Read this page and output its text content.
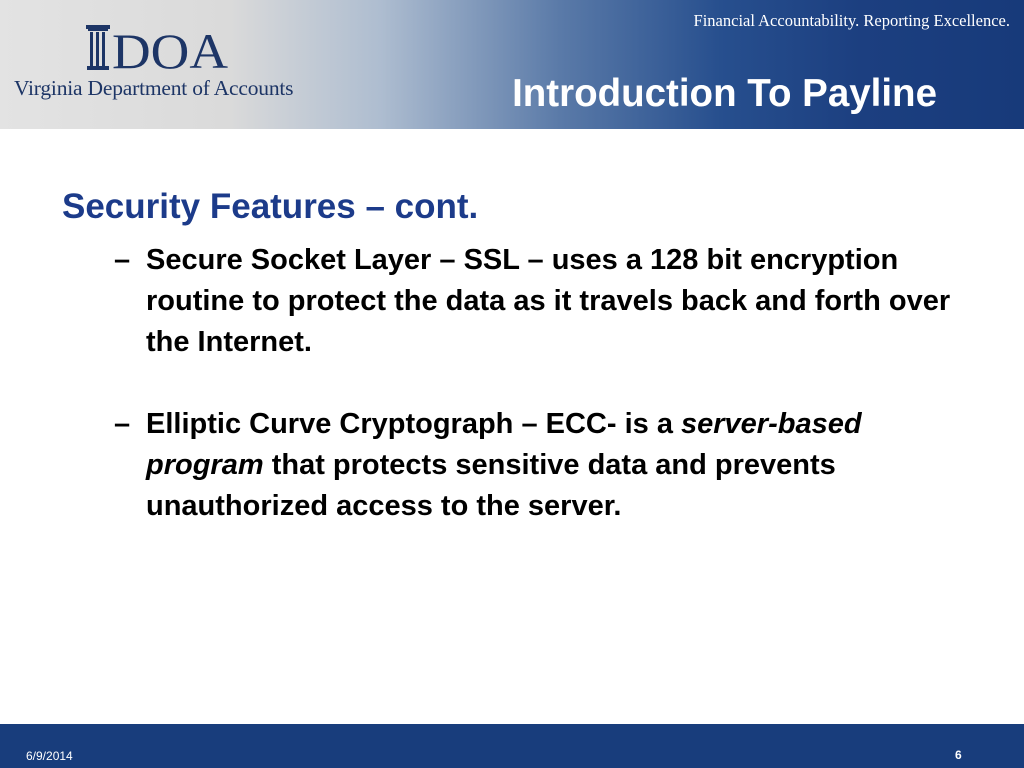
DOA
Virginia Department of Accounts
Financial Accountability. Reporting Excellence.
Introduction To Payline
Security Features – cont.
– Secure Socket Layer – SSL – uses a 128 bit encryption routine to protect the data as it travels back and forth over the Internet.
– Elliptic Curve Cryptograph – ECC- is a server-based program that protects sensitive data and prevents unauthorized access to the server.
6/9/2014	6
